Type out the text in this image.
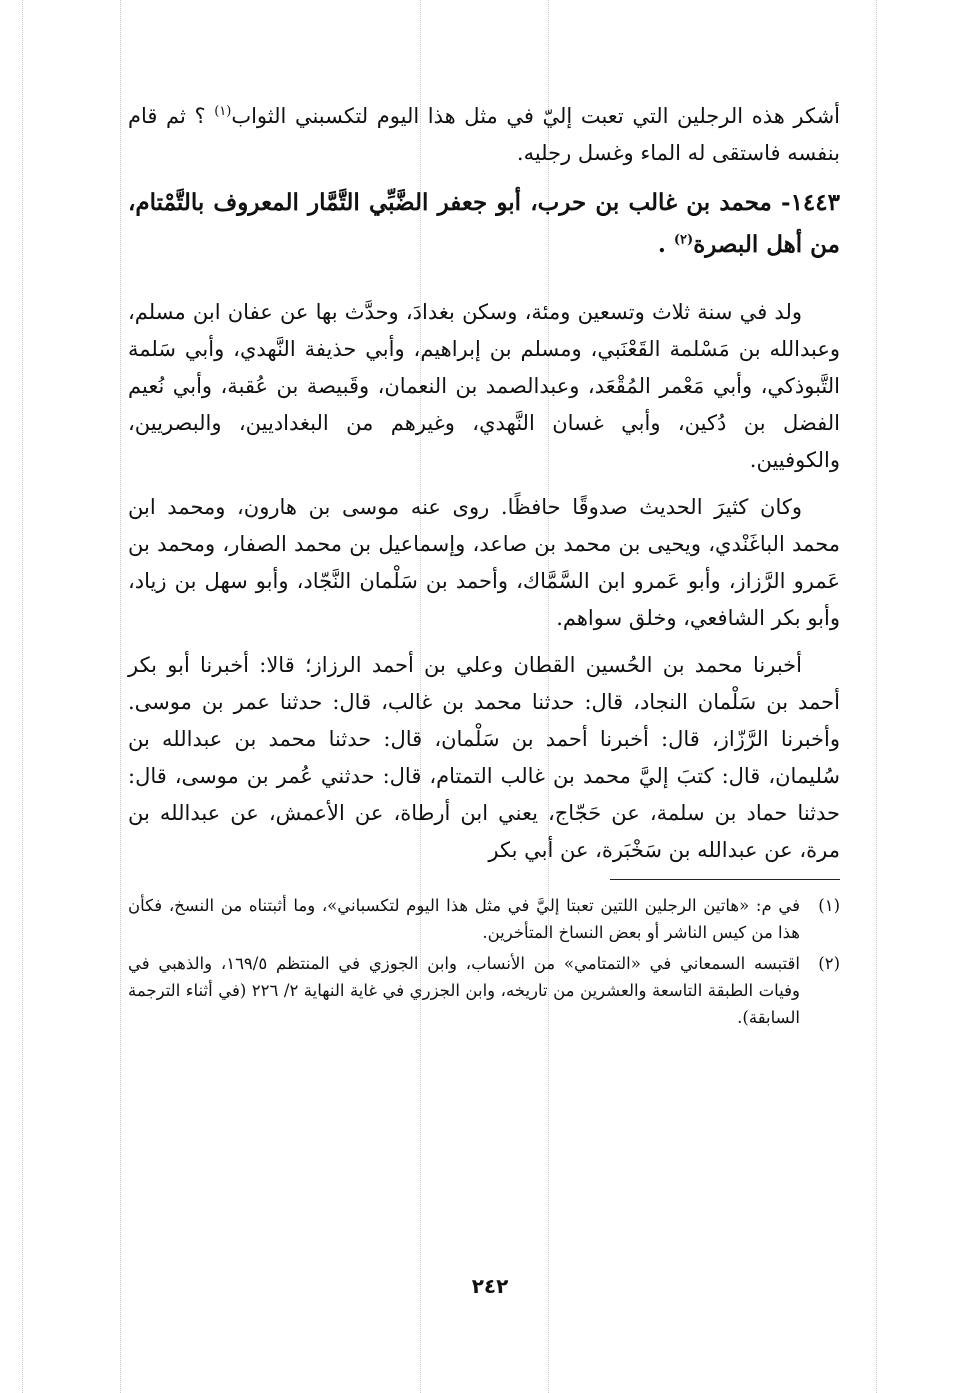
أشكر هذه الرجلين التي تعبت إليّ في مثل هذا اليوم لتكسبني الثواب$^{(١)}$ ؟ ثم قام بنفسه فاستقى له الماء وغسل رجليه.

١٤٤٣- محمد بن غالب بن حرب، أبو جعفر الضَّبِّي التَّمَّار المعروف بالتَّمْتام، من أهل البصرة$^{(٢)}$ .

ولد في سنة ثلاث وتسعين ومئة، وسكن بغدادَ، وحدَّث بها عن عفان ابن مسلم، وعبدالله بن مَسْلمة القَعْنَبي، ومسلم بن إبراهيم، وأبي حذيفة النَّهدي، وأبي سَلمة التَّبوذكي، وأبي مَعْمر المُقْعَد، وعبدالصمد بن النعمان، وقَبيصة بن عُقبة، وأبي نُعيم الفضل بن دُكين، وأبي غسان النَّهدي، وغيرهم من البغداديين، والبصريين، والكوفيين.

وكان كثيرَ الحديث صدوقًا حافظًا. روى عنه موسى بن هارون، ومحمد ابن محمد الباغَنْدي، ويحيى بن محمد بن صاعد، وإسماعيل بن محمد الصفار، ومحمد بن عَمرو الرَّزاز، وأبو عَمرو ابن السَّمَّاك، وأحمد بن سَلْمان النَّجّاد، وأبو سهل بن زياد، وأبو بكر الشافعي، وخلق سواهم.

أخبرنا محمد بن الحُسين القطان وعلي بن أحمد الرزاز؛ قالا: أخبرنا أبو بكر أحمد بن سَلْمان النجاد، قال: حدثنا محمد بن غالب، قال: حدثنا عمر بن موسى. وأخبرنا الرَّزّاز، قال: أخبرنا أحمد بن سَلْمان، قال: حدثنا محمد بن عبدالله بن سُليمان، قال: كتبَ إليَّ محمد بن غالب التمتام، قال: حدثني عُمر بن موسى، قال: حدثنا حماد بن سلمة، عن حَجّاج، يعني ابن أرطاة، عن الأعمش، عن عبدالله بن مرة، عن عبدالله بن سَخْبَرة، عن أبي بكر

(١)
في م: «هاتين الرجلين اللتين تعبتا إليَّ في مثل هذا اليوم لتكسباني»، وما أثبتناه من النسخ، فكأن هذا من كيس الناشر أو بعض النساخ المتأخرين.
(٢)
اقتبسه السمعاني في «التمتامي» من الأنساب، وابن الجوزي في المنتظم ١٦٩/٥، والذهبي في وفيات الطبقة التاسعة والعشرين من تاريخه، وابن الجزري في غاية النهاية ٢/ ٢٢٦ (في أثناء الترجمة السابقة).
٢٤٢
